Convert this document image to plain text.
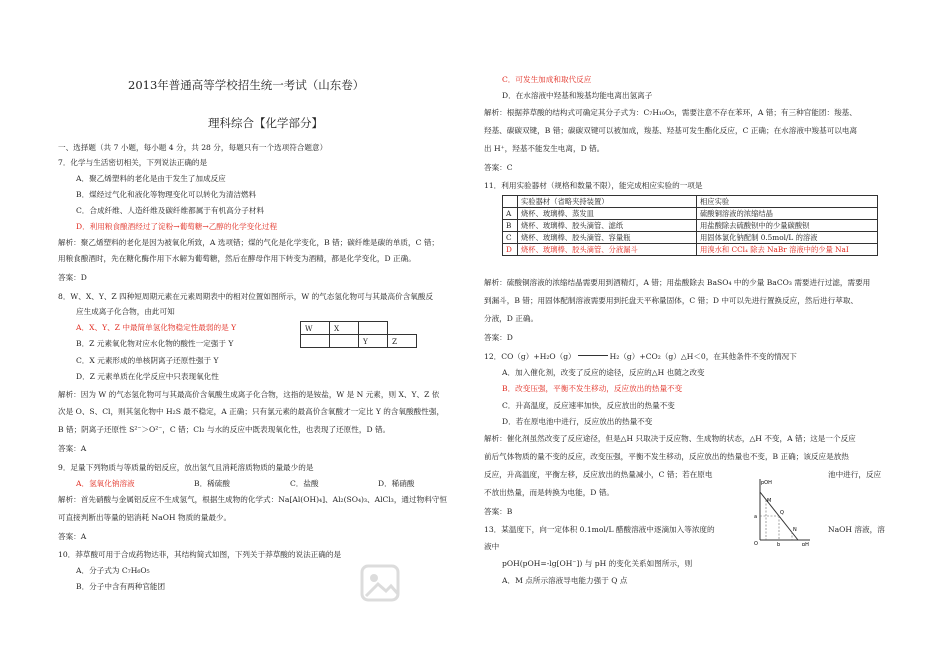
2013年普通高等学校招生统一考试（山东卷）
理科综合【化学部分】
一、选择题（共 7 小题，每小题 4 分，共 28 分，每题只有一个选项符合题意）
7．化学与生活密切相关，下列说法正确的是
A．聚乙烯塑料的老化是由于发生了加成反应
B．煤经过气化和液化等物理变化可以转化为清洁燃料
C．合成纤维、人造纤维及碳纤维都属于有机高分子材料
D．利用粮食酿酒经过了淀粉→葡萄糖→乙醇的化学变化过程
解析：聚乙烯塑料的老化是因为被氧化所致，A 选项错；煤的气化是化学变化，B 错；碳纤维是碳的单质，C 错；
用粮食酿酒时，先在糖化酶作用下水解为葡萄糖，然后在酵母作用下转变为酒精，都是化学变化，D 正确。
答案：D
8．W、X、Y、Z 四种短周期元素在元素周期表中的相对位置如图所示，W 的气态氢化物可与其最高价含氧酸反
应生成离子化合物，由此可知
A．X、Y、Z 中最简单氢化物稳定性最弱的是 Y
B．Z 元素氧化物对应水化物的酸性一定强于 Y
C．X 元素形成的单核阴离子还原性强于 Y
D．Z 元素单质在化学反应中只表现氧化性
W	X		
		Y	Z
解析：因为 W 的气态氢化物可与其最高价含氧酸生成离子化合物，这指的是铵盐，W 是 N 元素，则 X、Y、Z 依
次是 O、S、Cl，则其氢化物中 H₂S 最不稳定，A 正确；只有氯元素的最高价含氧酸才一定比 Y 的含氧酸酸性强，
B 错；阴离子还原性 S²⁻＞O²⁻，C 错；Cl₂ 与水的反应中既表现氧化性，也表现了还原性，D 错。
答案：A
9．足量下列物质与等质量的铝反应，放出氢气且消耗溶质物质的量最少的是
A．氢氧化钠溶液	B．稀硫酸	C．盐酸	D．稀硝酸
解析：首先硝酸与金属铝反应不生成氢气，根据生成物的化学式：Na[Al(OH)₄]、Al₂(SO₄)₃、AlCl₃，通过物料守恒
可直接判断出等量的铝消耗 NaOH 物质的量最少。
答案：A
10．莽草酸可用于合成药物达菲，其结构简式如图，下列关于莽草酸的说法正确的是
A．分子式为 C₇H₆O₅
B．分子中含有两种官能团
C．可发生加成和取代反应
D．在水溶液中羟基和羧基均能电离出氢离子
解析：根据莽草酸的结构式可确定其分子式为：C₇H₁₀O₅，需要注意不存在苯环，A 错；有三种官能团：羧基、
羟基、碳碳双键，B 错；碳碳双键可以被加成，羧基、羟基可发生酯化反应，C 正确；在水溶液中羧基可以电离
出 H⁺，羟基不能发生电离，D 错。
答案：C
11．利用实验器材（规格和数量不限），能完成相应实验的一项是
	实验器材（省略夹持装置）	相应实验
A	烧杯、玻璃棒、蒸发皿	硫酸铜溶液的浓缩结晶
B	烧杯、玻璃棒、胶头滴管、滤纸	用盐酸除去硫酸钡中的少量碳酸钡
C	烧杯、玻璃棒、胶头滴管、容量瓶	用固体氯化钠配制 0.5mol/L 的溶液
D	烧杯、玻璃棒、胶头滴管、分液漏斗	用溴水和 CCl₄ 除去 NaBr 溶液中的少量 NaI
解析：硫酸铜溶液的浓缩结晶需要用到酒精灯，A 错；用盐酸除去 BaSO₄ 中的少量 BaCO₃ 需要进行过滤，需要用
到漏斗，B 错；用固体配制溶液需要用到托盘天平称量固体，C 错；D 中可以先进行置换反应，然后进行萃取、
分液，D 正确。
答案：D
12．CO（g）+H₂O（g）	H₂（g）+CO₂（g）△H＜0，在其他条件不变的情况下
A．加入催化剂，改变了反应的途径，反应的△H 也随之改变
B．改变压强，平衡不发生移动，反应放出的热量不变
C．升高温度，反应速率加快，反应放出的热量不变
D．若在原电池中进行，反应放出的热量不变
解析：催化剂虽然改变了反应途径，但是△H 只取决于反应物、生成物的状态，△H 不变，A 错；这是一个反应
前后气体物质的量不变的反应，改变压强，平衡不发生移动，反应放出的热量也不变，B 正确；该反应是放热
反应，升高温度，平衡左移，反应放出的热量减小，C 错；若在原电	池中进行，反应
不放出热量，而是转换为电能，D 错。
答案：B
13．某温度下，向一定体积 0.1mol/L 醋酸溶液中逐滴加入等浓度的	NaOH 溶液，溶
液中
pOH(pOH=-lg[OH⁻]) 与 pH 的变化关系如图所示，则
A．M 点所示溶液导电能力强于 Q 点
pOH
pH
a
O	b
M
Q
N
